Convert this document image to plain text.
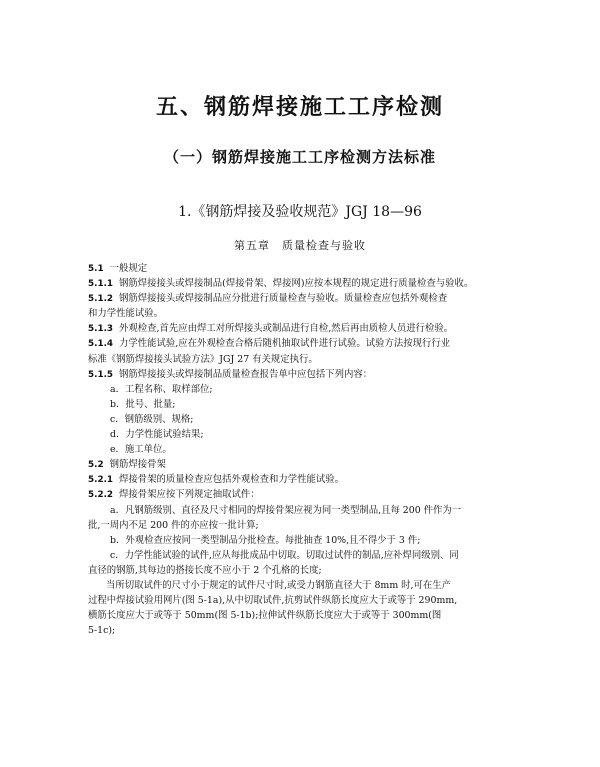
五、钢筋焊接施工工序检测
（一）钢筋焊接施工工序检测方法标准
1.《钢筋焊接及验收规范》JGJ 18—96
第五章　质量检查与验收
5.1 一般规定
5.1.1 钢筋焊接接头或焊接制品(焊接骨架、焊接网)应按本规程的规定进行质量检查与验收。
5.1.2 钢筋焊接接头或焊接制品应分批进行质量检查与验收。质量检查应包括外观检查
和力学性能试验。
5.1.3 外观检查,首先应由焊工对所焊接头或制品进行自检,然后再由质检人员进行检验。
5.1.4 力学性能试验,应在外观检查合格后随机抽取试件进行试验。试验方法按现行行业
标准《钢筋焊接接头试验方法》JGJ 27 有关规定执行。
5.1.5 钢筋焊接接头或焊接制品质量检查报告单中应包括下列内容：
a．工程名称、取样部位;
b．批号、批量;
c．钢筋级别、规格;
d．力学性能试验结果;
e．施工单位。
5.2 钢筋焊接骨架
5.2.1 焊接骨架的质量检查应包括外观检查和力学性能试验。
5.2.2 焊接骨架应按下列规定抽取试件：
a．凡钢筋级别、直径及尺寸相同的焊接骨架应视为同一类型制品,且每 200 件作为一
批,一周内不足 200 件的亦应按一批计算;
b．外观检查应按同一类型制品分批检查。每批抽查 10%,且不得少于 3 件;
c．力学性能试验的试件,应从每批成品中切取。切取过试件的制品,应补焊同级别、同
直径的钢筋,其每边的搭接长度不应小于 2 个孔格的长度;
当所切取试件的尺寸小于规定的试件尺寸时,或受力钢筋直径大于 8mm 时,可在生产
过程中焊接试验用网片(图 5-1a),从中切取试件,抗剪试件纵筋长度应大于或等于 290mm,
横筋长度应大于或等于 50mm(图 5-1b);拉伸试件纵筋长度应大于或等于 300mm(图
5-1c);
